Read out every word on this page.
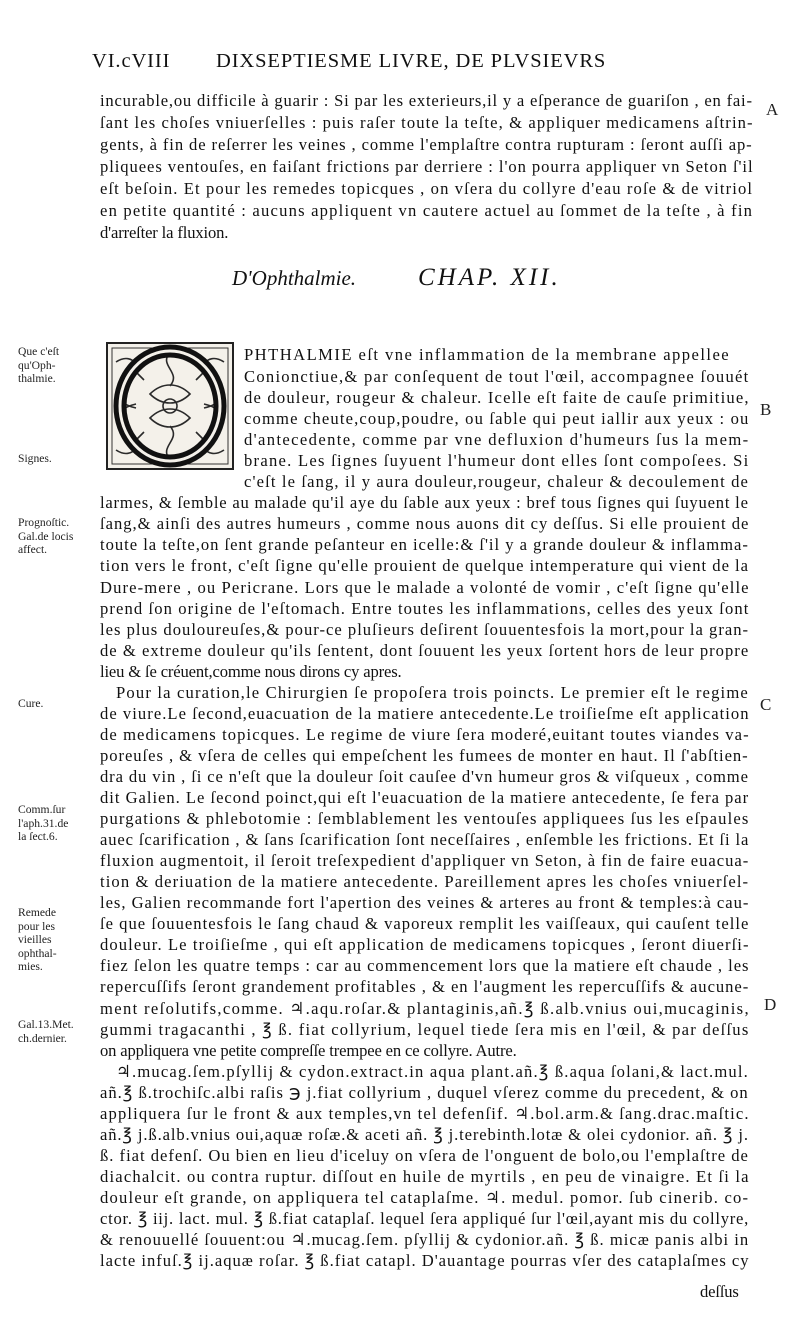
VI.cVIII DIXSEPTIESME LIVRE, DE PLVSIEVRS
incurable,ou difficile à guarir : Si par les exterieurs,il y a eſperance de guariſon , en fai-
ſant les choſes vniuerſelles : puis raſer toute la teſte, & appliquer medicamens aſtrin-
gents, à fin de reſerrer les veines , comme l'emplaſtre contra rupturam : ſeront auſſi ap-
pliquees ventouſes, en faiſant frictions par derriere : l'on pourra appliquer vn Seton ſ'il
eſt beſoin. Et pour les remedes topicques , on vſera du collyre d'eau roſe & de vitriol
en petite quantité : aucuns appliquent vn cautere actuel au ſommet de la teſte , à fin
d'arreſter la fluxion.
D'Ophthalmie. CHAP. XII.
PHTHALMIE eſt vne inflammation de la membrane appellee
Conionctiue,& par conſequent de tout l'œil, accompagnee ſouuét
de douleur, rougeur & chaleur. Icelle eſt faite de cauſe primitiue,
comme cheute,coup,poudre, ou ſable qui peut iallir aux yeux : ou
d'antecedente, comme par vne defluxion d'humeurs ſus la mem-
brane. Les ſignes ſuyuent l'humeur dont elles ſont compoſees. Si
c'eſt le ſang, il y aura douleur,rougeur, chaleur & decoulement de
larmes, & ſemble au malade qu'il aye du ſable aux yeux : bref tous ſignes qui ſuyuent le
ſang,& ainſi des autres humeurs , comme nous auons dit cy deſſus. Si elle prouient de
toute la teſte,on ſent grande peſanteur en icelle:& ſ'il y a grande douleur & inflamma-
tion vers le front, c'eſt ſigne qu'elle prouient de quelque intemperature qui vient de la
Dure-mere , ou Pericrane. Lors que le malade a volonté de vomir , c'eſt ſigne qu'elle
prend ſon origine de l'eſtomach. Entre toutes les inflammations, celles des yeux ſont
les plus douloureuſes,& pour-ce pluſieurs deſirent ſouuentesfois la mort,pour la gran-
de & extreme douleur qu'ils ſentent, dont ſouuent les yeux ſortent hors de leur propre
lieu & ſe créuent,comme nous dirons cy apres.
Pour la curation,le Chirurgien ſe propoſera trois poincts. Le premier eſt le regime
de viure.Le ſecond,euacuation de la matiere antecedente.Le troiſieſme eſt application
de medicamens topicques. Le regime de viure ſera moderé,euitant toutes viandes va-
poreuſes , & vſera de celles qui empeſchent les fumees de monter en haut. Il ſ'abſtien-
dra du vin , ſi ce n'eſt que la douleur ſoit cauſee d'vn humeur gros & viſqueux , comme
dit Galien. Le ſecond poinct,qui eſt l'euacuation de la matiere antecedente, ſe fera par
purgations & phlebotomie : ſemblablement les ventouſes appliquees ſus les eſpaules
auec ſcarification , & ſans ſcarification ſont neceſſaires , enſemble les frictions. Et ſi la
fluxion augmentoit, il ſeroit treſexpedient d'appliquer vn Seton, à fin de faire euacua-
tion & deriuation de la matiere antecedente. Pareillement apres les choſes vniuerſel-
les, Galien recommande fort l'apertion des veines & arteres au front & temples:à cau-
ſe que ſouuentesfois le ſang chaud & vaporeux remplit les vaiſſeaux, qui cauſent telle
douleur. Le troiſieſme , qui eſt application de medicamens topicques , ſeront diuerſi-
fiez ſelon les quatre temps : car au commencement lors que la matiere eſt chaude , les
repercuſſifs ſeront grandement profitables , & en l'augment les repercuſſifs & aucune-
ment reſolutifs,comme. ♃.aqu.roſar.& plantaginis,añ.℥ ß.alb.vnius oui,mucaginis,
gummi tragacanthi , ℥ ß. fiat collyrium, lequel tiede ſera mis en l'œil, & par deſſus
on appliquera vne petite compreſſe trempee en ce collyre. Autre.
♃.mucag.ſem.pſyllij & cydon.extract.in aqua plant.añ.℥ ß.aqua ſolani,& lact.mul.
añ.℥ ß.trochiſc.albi raſis ℈ j.fiat collyrium , duquel vſerez comme du precedent, & on
appliquera ſur le front & aux temples,vn tel defenſif. ♃.bol.arm.& ſang.drac.maſtic.
añ.℥ j.ß.alb.vnius oui,aquæ roſæ.& aceti añ. ℥ j.terebinth.lotæ & olei cydonior. añ. ℥ j.
ß. fiat defenſ. Ou bien en lieu d'iceluy on vſera de l'onguent de bolo,ou l'emplaſtre de
diachalcit. ou contra ruptur. diſſout en huile de myrtils , en peu de vinaigre. Et ſi la
douleur eſt grande, on appliquera tel cataplaſme. ♃. medul. pomor. ſub cinerib. co-
ctor. ℥ iij. lact. mul. ℥ ß.fiat cataplaſ. lequel ſera appliqué ſur l'œil,ayant mis du collyre,
& renouuellé ſouuent:ou ♃.mucag.ſem. pſyllij & cydonior.añ. ℥ ß. micæ panis albi in
lacte infuſ.℥ ij.aquæ roſar. ℥ ß.fiat catapl. D'auantage pourras vſer des cataplaſmes cy
deſſus
Que c'eſt
qu'Oph-
thalmie.
Signes.
Prognoſtic.
Gal.de locis
affect.
Cure.
Comm.ſur
l'aph.31.de
la ſect.6.
Remede
pour les
vieilles
ophthal-
mies.
Gal.13.Met.
ch.dernier.
A
B
C
D
